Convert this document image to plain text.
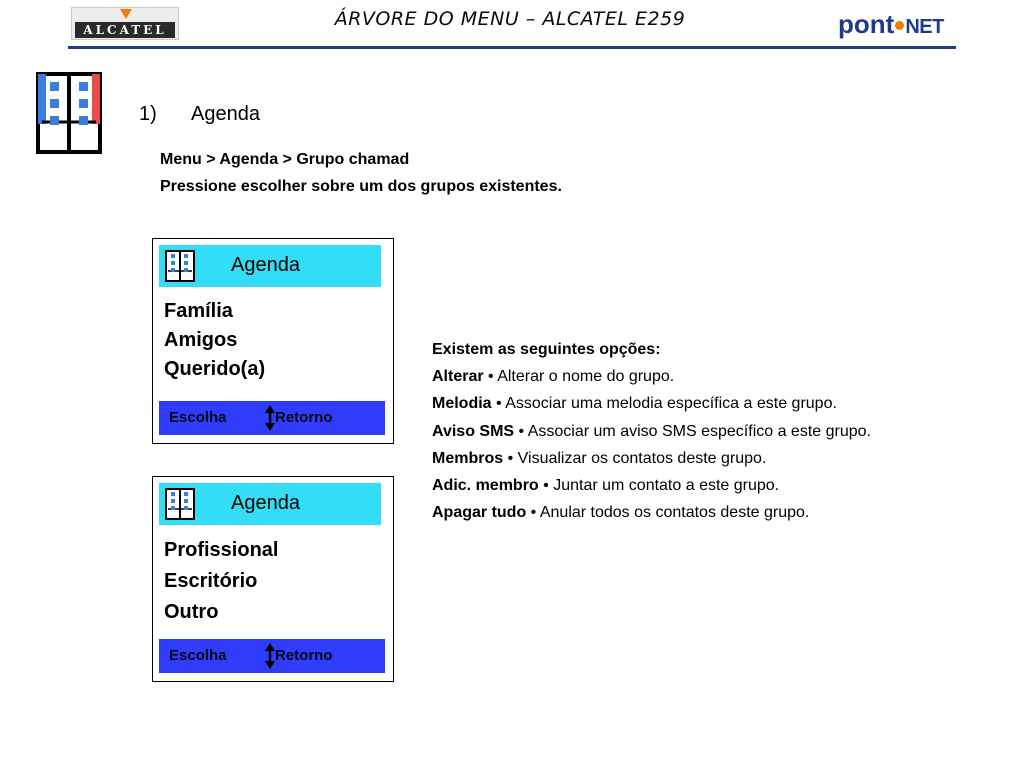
ALCATEL	ÁRVORE DO MENU – ALCATEL E259	pont NET
1) Agenda
Menu > Agenda > Grupo chamad
Pressione escolher sobre um dos grupos existentes.
Agenda
Família
Amigos
Querido(a)
Escolha	Retorno
Agenda
Profissional
Escritório
Outro
Escolha	Retorno
Existem as seguintes opções:
Alterar • Alterar o nome do grupo.
Melodia • Associar uma melodia específica a este grupo.
Aviso SMS • Associar um aviso SMS específico a este grupo.
Membros • Visualizar os contatos deste grupo.
Adic. membro • Juntar um contato a este grupo.
Apagar tudo • Anular todos os contatos deste grupo.
